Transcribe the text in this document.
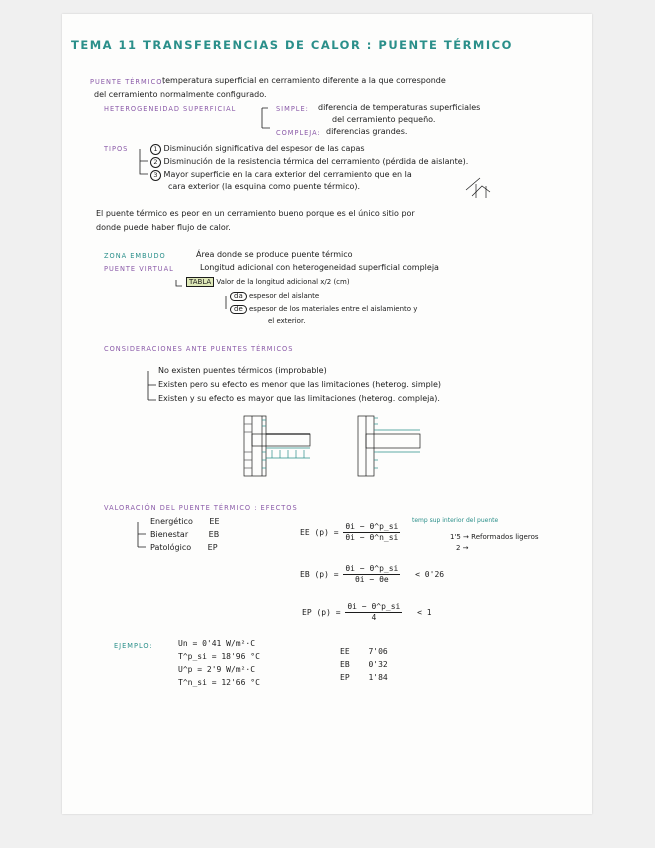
TEMA 11 TRANSFERENCIAS DE CALOR : PUENTE TÉRMICO
PUENTE TÉRMICO:
temperatura superficial en cerramiento diferente a la que corresponde
del cerramiento normalmente configurado.
HETEROGENEIDAD SUPERFICIAL	SIMPLE: diferencia de temperaturas superficiales
del cerramiento pequeño.
COMPLEJA: diferencias grandes.
TIPOS	1 Disminución significativa del espesor de las capas
2 Disminución de la resistencia térmica del cerramiento (pérdida de aislante).
3 Mayor superficie en la cara exterior del cerramiento que en la
cara exterior (la esquina como puente térmico).
El puente térmico es peor en un cerramiento bueno porque es el único sitio por
donde puede haber flujo de calor.
ZONA EMBUDO	Área donde se produce puente térmico
PUENTE VIRTUAL	Longitud adicional con heterogeneidad superficial compleja
TABLA Valor de la longitud adicional x/2 (cm)
da espesor del aislante
de espesor de los materiales entre el aislamiento y
el exterior.
CONSIDERACIONES ANTE PUENTES TÉRMICOS
No existen puentes térmicos (improbable)
Existen pero su efecto es menor que las limitaciones (heterog. simple)
Existen y su efecto es mayor que las limitaciones (heterog. compleja).
VALORACIÓN DEL PUENTE TÉRMICO : EFECTOS
Energético EE
Bienestar	EB
Patológico EP
EE $(p) = \frac{\theta i - \theta\^{}p\_si}{\theta i - \theta\^{}n\_si}$
temp sup interior del puente
1'5 → Reformados ligeros
2 →
EB $(p) = \frac{\theta i - \theta\^{}p\_si}{\theta i - \theta e} < 0'26$
EP $(p) = \frac{\theta i - \theta\^{}p\_si}{4} < 1$
EJEMPLO:	Un = 0'41 W/m²·C
T^p_si = 18'96 °C
U^p = 2'9 W/m²·C
T^n_si = 12'66 °C
EE 7'06
EB 0'32
EP 1'84
